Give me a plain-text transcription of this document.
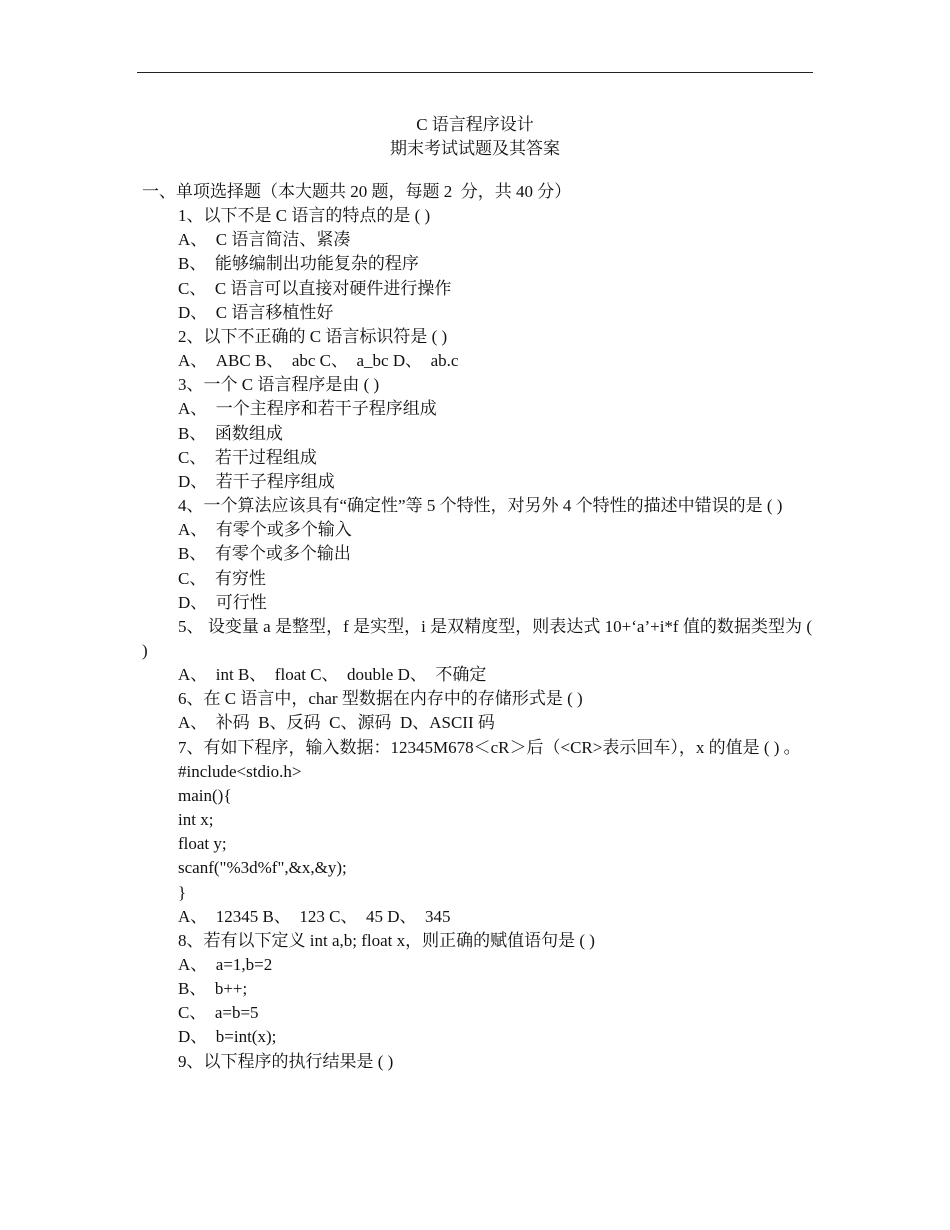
C 语言程序设计
期末考试试题及其答案
一、单项选择题（本大题共 20 题，每题 2  分，共 40 分）
1、以下不是 C 语言的特点的是 ( )
A、  C 语言简洁、紧凑
B、  能够编制出功能复杂的程序
C、  C 语言可以直接对硬件进行操作
D、  C 语言移植性好
2、以下不正确的 C 语言标识符是 ( )
A、  ABC B、  abc C、  a_bc D、  ab.c
3、一个 C 语言程序是由 ( )
A、  一个主程序和若干子程序组成
B、  函数组成
C、  若干过程组成
D、  若干子程序组成
4、一个算法应该具有“确定性”等 5 个特性，对另外 4 个特性的描述中错误的是 ( )
A、  有零个或多个输入
B、  有零个或多个输出
C、  有穷性
D、  可行性
5、 设变量 a 是整型，f 是实型，i 是双精度型，则表达式 10+‘a’+i*f 值的数据类型为 ( )
A、  int B、  float C、  double D、  不确定
6、在 C 语言中，char 型数据在内存中的存储形式是 ( )
A、  补码  B、反码  C、源码  D、ASCII 码
7、有如下程序，输入数据：12345M678＜cR＞后（<CR>表示回车），x 的值是 ( ) 。
#include<stdio.h>
main(){
int x;
float y;
scanf("%3d%f",&x,&y);
}
A、  12345 B、  123 C、  45 D、  345
8、若有以下定义 int a,b; float x，则正确的赋值语句是 ( )
A、  a=1,b=2
B、  b++;
C、  a=b=5
D、  b=int(x);
9、以下程序的执行结果是 ( )
